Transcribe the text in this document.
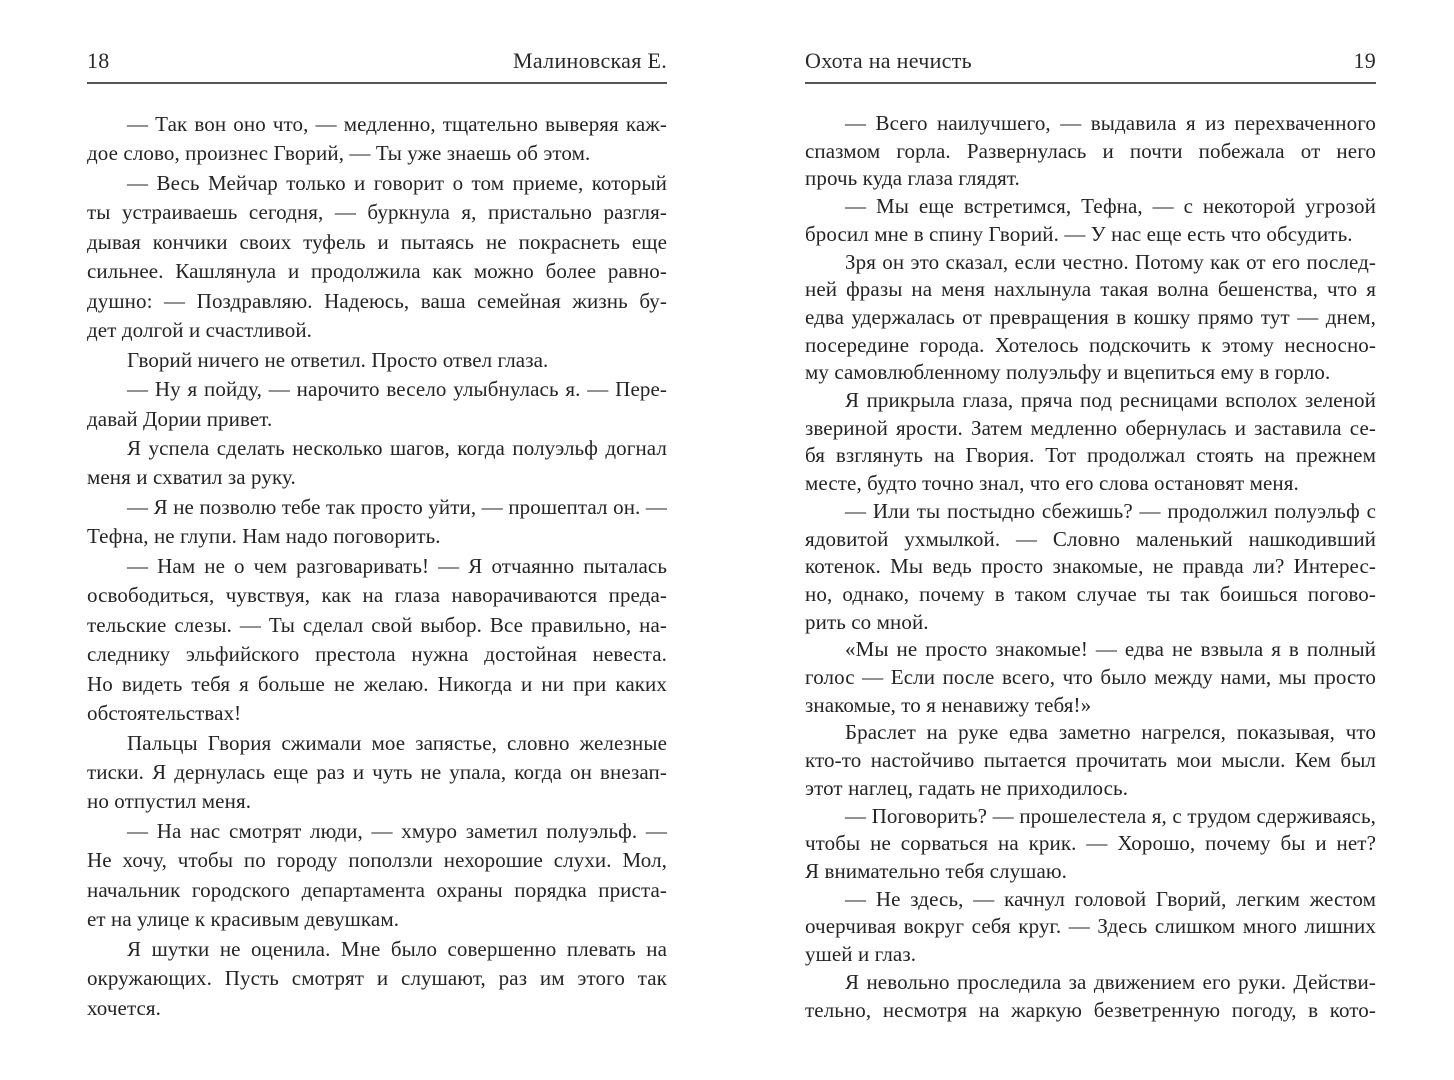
18	Малиновская Е.
— Так вон оно что, — медленно, тщательно выверяя каж-
дое слово, произнес Гворий, — Ты уже знаешь об этом.
— Весь Мейчар только и говорит о том приеме, который
ты устраиваешь сегодня, — буркнула я, пристально разгля-
дывая кончики своих туфель и пытаясь не покраснеть еще
сильнее. Кашлянула и продолжила как можно более равно-
душно: — Поздравляю. Надеюсь, ваша семейная жизнь бу-
дет долгой и счастливой.
Гворий ничего не ответил. Просто отвел глаза.
— Ну я пойду, — нарочито весело улыбнулась я. — Пере-
давай Дории привет.
Я успела сделать несколько шагов, когда полуэльф догнал
меня и схватил за руку.
— Я не позволю тебе так просто уйти, — прошептал он. —
Тефна, не глупи. Нам надо поговорить.
— Нам не о чем разговаривать! — Я отчаянно пыталась
освободиться, чувствуя, как на глаза наворачиваются преда-
тельские слезы. — Ты сделал свой выбор. Все правильно, на-
следнику эльфийского престола нужна достойная невеста.
Но видеть тебя я больше не желаю. Никогда и ни при каких
обстоятельствах!
Пальцы Гвория сжимали мое запястье, словно железные
тиски. Я дернулась еще раз и чуть не упала, когда он внезап-
но отпустил меня.
— На нас смотрят люди, — хмуро заметил полуэльф. —
Не хочу, чтобы по городу поползли нехорошие слухи. Мол,
начальник городского департамента охраны порядка приста-
ет на улице к красивым девушкам.
Я шутки не оценила. Мне было совершенно плевать на
окружающих. Пусть смотрят и слушают, раз им этого так
хочется.
Охота на нечисть	19
— Всего наилучшего, — выдавила я из перехваченного
спазмом горла. Развернулась и почти побежала от него
прочь куда глаза глядят.
— Мы еще встретимся, Тефна, — с некоторой угрозой
бросил мне в спину Гворий. — У нас еще есть что обсудить.
Зря он это сказал, если честно. Потому как от его послед-
ней фразы на меня нахлынула такая волна бешенства, что я
едва удержалась от превращения в кошку прямо тут — днем,
посередине города. Хотелось подскочить к этому несносно-
му самовлюбленному полуэльфу и вцепиться ему в горло.
Я прикрыла глаза, пряча под ресницами всполох зеленой
звериной ярости. Затем медленно обернулась и заставила се-
бя взглянуть на Гвория. Тот продолжал стоять на прежнем
месте, будто точно знал, что его слова остановят меня.
— Или ты постыдно сбежишь? — продолжил полуэльф с
ядовитой ухмылкой. — Словно маленький нашкодивший
котенок. Мы ведь просто знакомые, не правда ли? Интерес-
но, однако, почему в таком случае ты так боишься погово-
рить со мной.
«Мы не просто знакомые! — едва не взвыла я в полный
голос — Если после всего, что было между нами, мы просто
знакомые, то я ненавижу тебя!»
Браслет на руке едва заметно нагрелся, показывая, что
кто-то настойчиво пытается прочитать мои мысли. Кем был
этот наглец, гадать не приходилось.
— Поговорить? — прошелестела я, с трудом сдерживаясь,
чтобы не сорваться на крик. — Хорошо, почему бы и нет?
Я внимательно тебя слушаю.
— Не здесь, — качнул головой Гворий, легким жестом
очерчивая вокруг себя круг. — Здесь слишком много лишних
ушей и глаз.
Я невольно проследила за движением его руки. Действи-
тельно, несмотря на жаркую безветренную погоду, в кото-
